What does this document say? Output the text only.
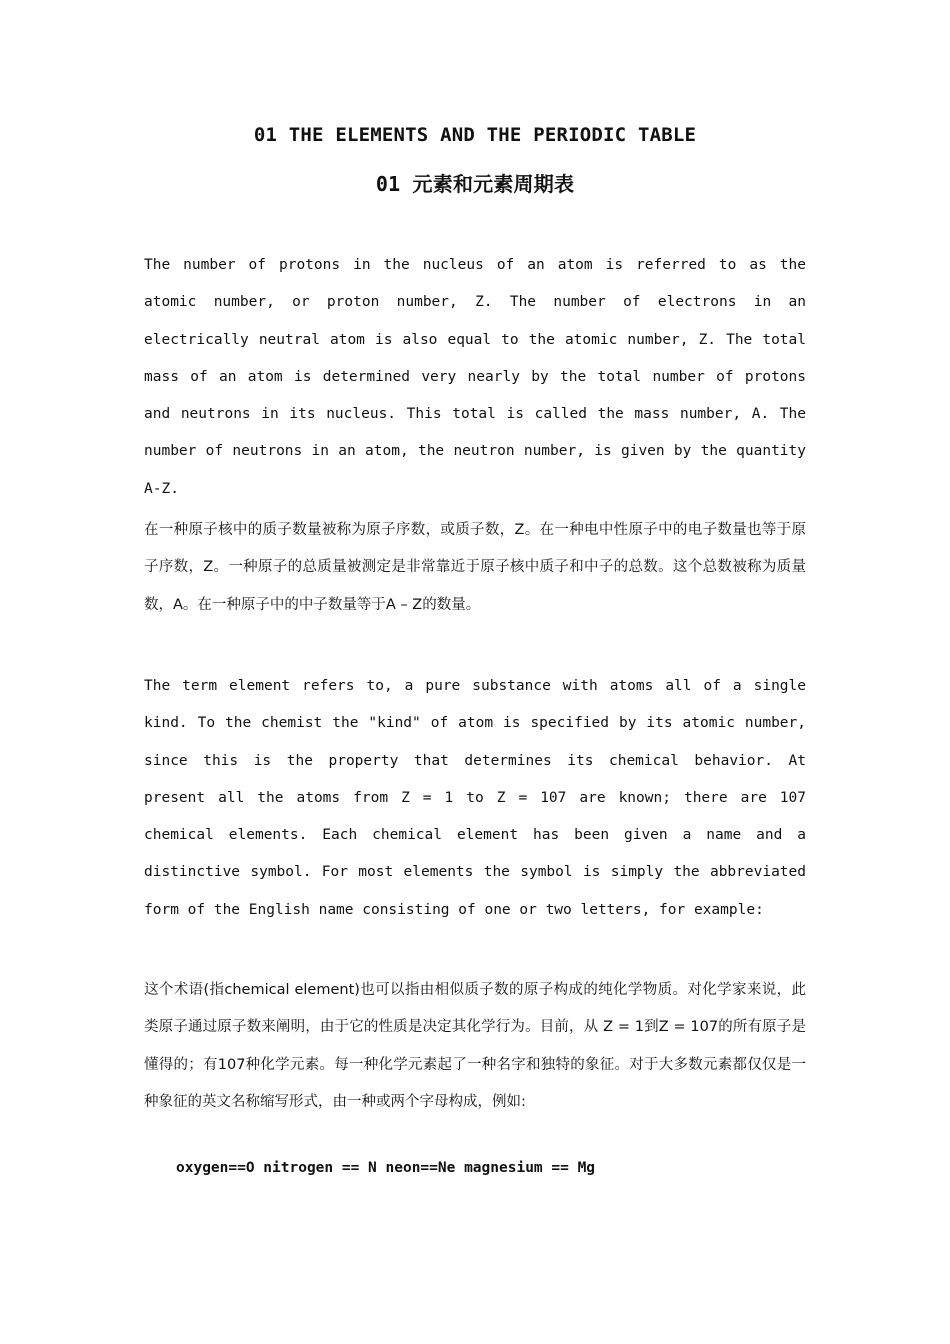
01 THE ELEMENTS AND THE PERIODIC TABLE
01 元素和元素周期表

The number of protons in the nucleus of an atom is referred to as the atomic number, or proton number, Z. The number of electrons in an electrically neutral atom is also equal to the atomic number, Z. The total mass of an atom is determined very nearly by the total number of protons and neutrons in its nucleus. This total is called the mass number, A. The number of neutrons in an atom, the neutron number, is given by the quantity A-Z.

在一种原子核中的质子数量被称为原子序数，或质子数，Z。在一种电中性原子中的电子数量也等于原子序数，Z。一种原子的总质量被测定是非常靠近于原子核中质子和中子的总数。这个总数被称为质量数，A。在一种原子中的中子数量等于A – Z的数量。

The term element refers to, a pure substance with atoms all of a single kind. To the chemist the "kind" of atom is specified by its atomic number, since this is the property that determines its chemical behavior. At present all the atoms from Z = 1 to Z = 107 are known; there are 107 chemical elements. Each chemical element has been given a name and a distinctive symbol. For most elements the symbol is simply the abbreviated form of the English name consisting of one or two letters, for example:

这个术语(指chemical element)也可以指由相似质子数的原子构成的纯化学物质。对化学家来说，此类原子通过原子数来阐明，由于它的性质是决定其化学行为。目前，从 Z = 1到Z = 107的所有原子是懂得的；有107种化学元素。每一种化学元素起了一种名字和独特的象征。对于大多数元素都仅仅是一种象征的英文名称缩写形式，由一种或两个字母构成，例如:

oxygen==O nitrogen == N neon==Ne magnesium == Mg
